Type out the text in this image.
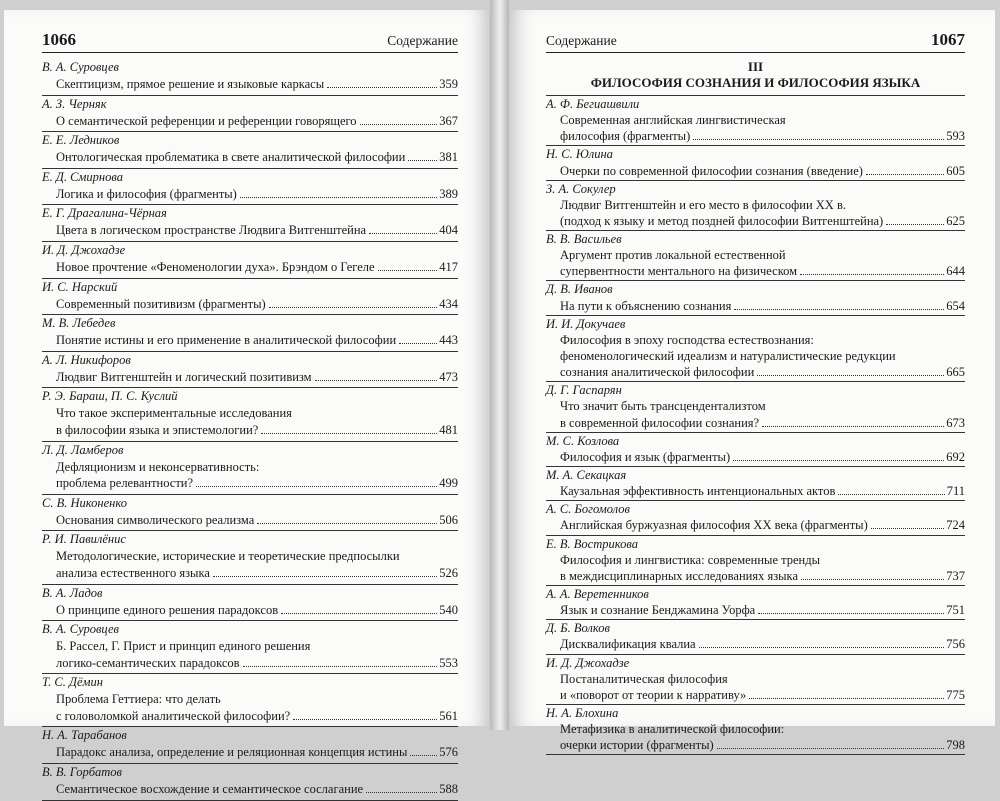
1066	Содержание
В. А. Суровцев
Скептицизм, прямое решение и языковые каркасы	359
А. З. Черняк
О семантической референции и референции говорящего	367
Е. Е. Ледников
Онтологическая проблематика в свете аналитической философии	381
Е. Д. Смирнова
Логика и философия (фрагменты)	389
Е. Г. Драгалина-Чёрная
Цвета в логическом пространстве Людвига Витгенштейна	404
И. Д. Джохадзе
Новое прочтение «Феноменологии духа». Брэндом о Гегеле	417
И. С. Нарский
Современный позитивизм (фрагменты)	434
М. В. Лебедев
Понятие истины и его применение в аналитической философии	443
А. Л. Никифоров
Людвиг Витгенштейн и логический позитивизм	473
Р. Э. Бараш, П. С. Куслий
Что такое экспериментальные исследования
в философии языка и эпистемологии?	481
Л. Д. Ламберов
Дефляционизм и неконсервативность:
проблема релевантности?	499
С. В. Никоненко
Основания символического реализма	506
Р. И. Павилёнис
Методологические, исторические и теоретические предпосылки
анализа естественного языка	526
В. А. Ладов
О принципе единого решения парадоксов	540
В. А. Суровцев
Б. Рассел, Г. Прист и принцип единого решения
логико-семантических парадоксов	553
Т. С. Дёмин
Проблема Геттиера: что делать
с головоломкой аналитической философии?	561
Н. А. Тарабанов
Парадокс анализа, определение и реляционная концепция истины	576
В. В. Горбатов
Семантическое восхождение и семантическое сослагание	588
Содержание	1067
III
ФИЛОСОФИЯ СОЗНАНИЯ И ФИЛОСОФИЯ ЯЗЫКА
А. Ф. Бегиашвили
Современная английская лингвистическая
философия (фрагменты)	593
Н. С. Юлина
Очерки по современной философии сознания (введение)	605
З. А. Сокулер
Людвиг Витгенштейн и его место в философии XX в.
(подход к языку и метод поздней философии Витгенштейна)	625
В. В. Васильев
Аргумент против локальной естественной
супервентности ментального на физическом	644
Д. В. Иванов
На пути к объяснению сознания	654
И. И. Докучаев
Философия в эпоху господства естествознания:
феноменологический идеализм и натуралистические редукции
сознания аналитической философии	665
Д. Г. Гаспарян
Что значит быть трансцендентализтом
в современной философии сознания?	673
М. С. Козлова
Философия и язык (фрагменты)	692
М. А. Секацкая
Каузальная эффективность интенциональных актов	711
А. С. Богомолов
Английская буржуазная философия XX века (фрагменты)	724
Е. В. Вострикова
Философия и лингвистика: современные тренды
в междисциплинарных исследованиях языка	737
А. А. Веретенников
Язык и сознание Бенджамина Уорфа	751
Д. Б. Волков
Дисквалификация квалиа	756
И. Д. Джохадзе
Постаналитическая философия
и «поворот от теории к нарративу»	775
Н. А. Блохина
Метафизика в аналитической философии:
очерки истории (фрагменты)	798
